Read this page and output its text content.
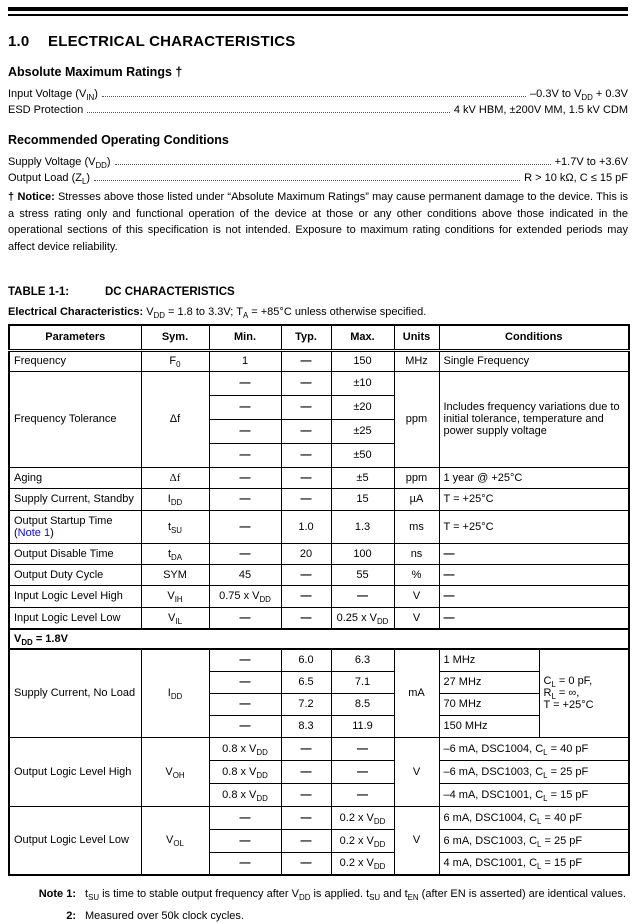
1.0 ELECTRICAL CHARACTERISTICS
Absolute Maximum Ratings †
Input Voltage $(V_{IN})$	–0.3V to $V_{DD} + 0.3V$
ESD Protection	4 kV HBM, ±200V MM, 1.5 kV CDM
Recommended Operating Conditions
Supply Voltage $(V_{DD})$	+1.7V to +3.6V
Output Load $(Z_L)$	R > 10 kΩ, C ≤ 15 pF

† Notice: Stresses above those listed under “Absolute Maximum Ratings” may cause permanent damage to the device. This is a stress rating only and functional operation of the device at those or any other conditions above those indicated in the operational sections of this specification is not intended. Exposure to maximum rating conditions for extended periods may affect device reliability.

TABLE 1-1:	DC CHARACTERISTICS
Electrical Characteristics: $V_{DD} = 1.8$ to 3.3V; $T_A = +85^\circ C$ unless otherwise specified.
Parameters	Sym.	Min.	Typ.	Max.	Units	Conditions	
Frequency	$F_0$	1	—	150	MHz	Single Frequency	
Frequency Tolerance	Δf	—	—	±10	ppm	Includes frequency variations due to initial tolerance, temperature and power supply voltage	
		—	—	±20			
		—	—	±25			
		—	—	±50			
Aging	Δf	—	—	±5	ppm	1 year @ +25°C	
Supply Current, Standby	$I_{DD}$	—	—	15	µA	T = +25°C	
Output Startup Time
(Note 1)	$t_{SU}$	—	1.0	1.3	ms	T = +25°C	
Output Disable Time	$t_{DA}$	—	20	100	ns	—	
Output Duty Cycle	SYM	45	—	55	%	—	
Input Logic Level High	$V_{IH}$	0.75 x $V_{DD}$	—	—	V	—	
Input Logic Level Low	$V_{IL}$	—	—	0.25 x $V_{DD}$	V	—	
$V_{DD} = 1.8V$							
Supply Current, No Load	$I_{DD}$	—	6.0	6.3	mA	1 MHz	$C_L = 0$ pF,
$R_L$ = ∞,
T = +25°C
		—	6.5	7.1		27 MHz	
		—	7.2	8.5		70 MHz	
		—	8.3	11.9		150 MHz	
Output Logic Level High	$V_{OH}$	0.8 x $V_{DD}$	—	—	V	–6 mA, DSC1004, $C_L = 40$ pF	
		0.8 x $V_{DD}$	—	—		–6 mA, DSC1003, $C_L = 25$ pF	
		0.8 x $V_{DD}$	—	—		–4 mA, DSC1001, $C_L = 15$ pF	
Output Logic Level Low	$V_{OL}$	—	—	0.2 x $V_{DD}$	V	6 mA, DSC1004, $C_L = 40$ pF	
		—	—	0.2 x $V_{DD}$		6 mA, DSC1003, $C_L = 25$ pF	
		—	—	0.2 x $V_{DD}$		4 mA, DSC1001, $C_L = 15$ pF	
Note 1: $t_{SU}$ is time to stable output frequency after $V_{DD}$ is applied. $t_{SU}$ and $t_{EN}$ (after EN is asserted) are identical values.
2: Measured over 50k clock cycles.
